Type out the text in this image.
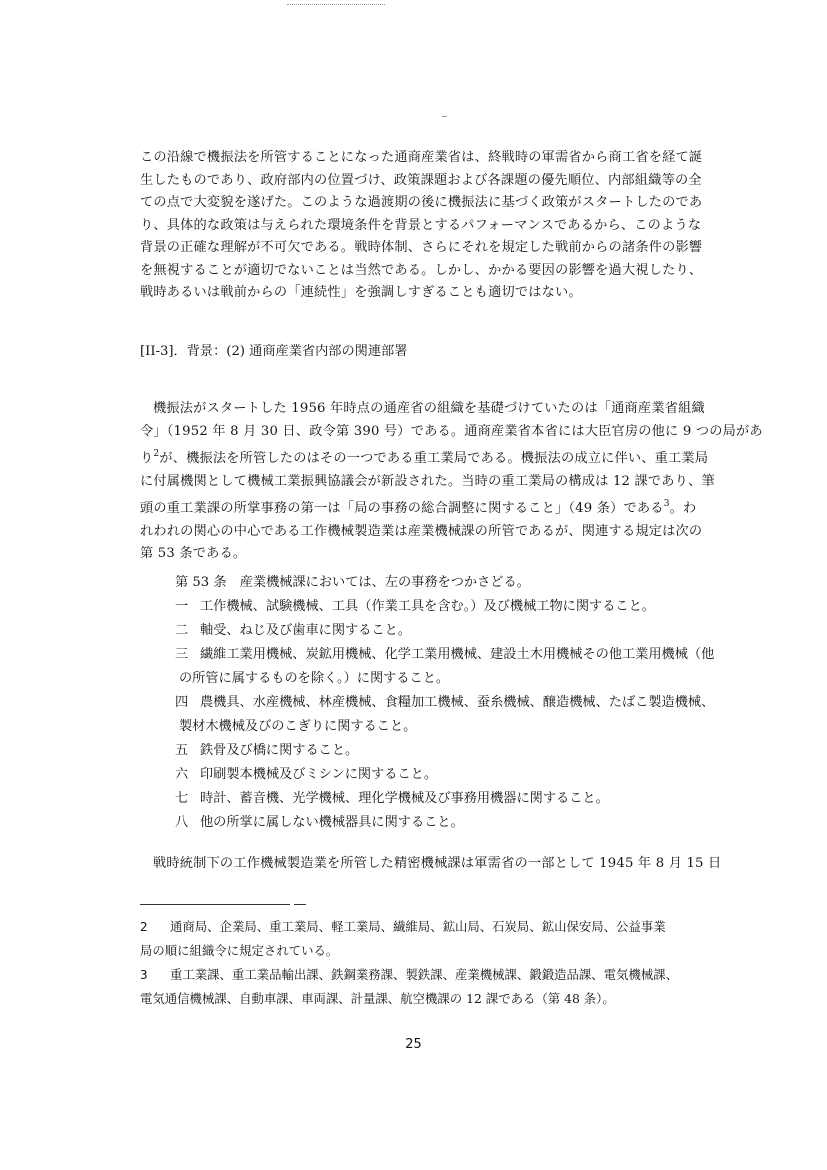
この沿線で機振法を所管することになった通商産業省は、終戦時の軍需省から商工省を経て誕
生したものであり、政府部内の位置づけ、政策課題および各課題の優先順位、内部組織等の全
ての点で大変貌を遂げた。このような過渡期の後に機振法に基づく政策がスタートしたのであ
り、具体的な政策は与えられた環境条件を背景とするパフォーマンスであるから、このような
背景の正確な理解が不可欠である。戦時体制、さらにそれを規定した戦前からの諸条件の影響
を無視することが適切でないことは当然である。しかし、かかる要因の影響を過大視したり、
戦時あるいは戦前からの「連続性」を強調しすぎることも適切ではない。

[II-3]．背景：(2) 通商産業省内部の関連部署

機振法がスタートした 1956 年時点の通産省の組織を基礎づけていたのは「通商産業省組織
令」（1952 年 8 月 30 日、政令第 390 号）である。通商産業省本省には大臣官房の他に 9 つの局があ
り$^2$が、機振法を所管したのはその一つである重工業局である。機振法の成立に伴い、重工業局
に付属機関として機械工業振興協議会が新設された。当時の重工業局の構成は 12 課であり、筆
頭の重工業課の所掌事務の第一は「局の事務の総合調整に関すること」（49 条）である$^3$。わ
れわれの関心の中心である工作機械製造業は産業機械課の所管であるが、関連する規定は次の
第 53 条である。

第 53 条　産業機械課においては、左の事務をつかさどる。
一 工作機械、試験機械、工具（作業工具を含む。）及び機械工物に関すること。
二 軸受、ねじ及び歯車に関すること。
三 繊維工業用機械、炭鉱用機械、化学工業用機械、建設土木用機械その他工業用機械（他
の所管に属するものを除く。）に関すること。
四 農機具、水産機械、林産機械、食糧加工機械、蚕糸機械、醸造機械、たばこ製造機械、
製材木機械及びのこぎりに関すること。
五 鉄骨及び橋に関すること。
六 印刷製本機械及びミシンに関すること。
七 時計、蓄音機、光学機械、理化学機械及び事務用機器に関すること。
八 他の所掌に属しない機械器具に関すること。

戦時統制下の工作機械製造業を所管した精密機械課は軍需省の一部として 1945 年 8 月 15 日

2 通商局、企業局、重工業局、軽工業局、繊維局、鉱山局、石炭局、鉱山保安局、公益事業
局の順に組織令に規定されている。
3 重工業課、重工業品輸出課、鉄鋼業務課、製鉄課、産業機械課、鍛鍛造品課、電気機械課、
電気通信機械課、自動車課、車両課、計量課、航空機課の 12 課である（第 48 条）。
25
